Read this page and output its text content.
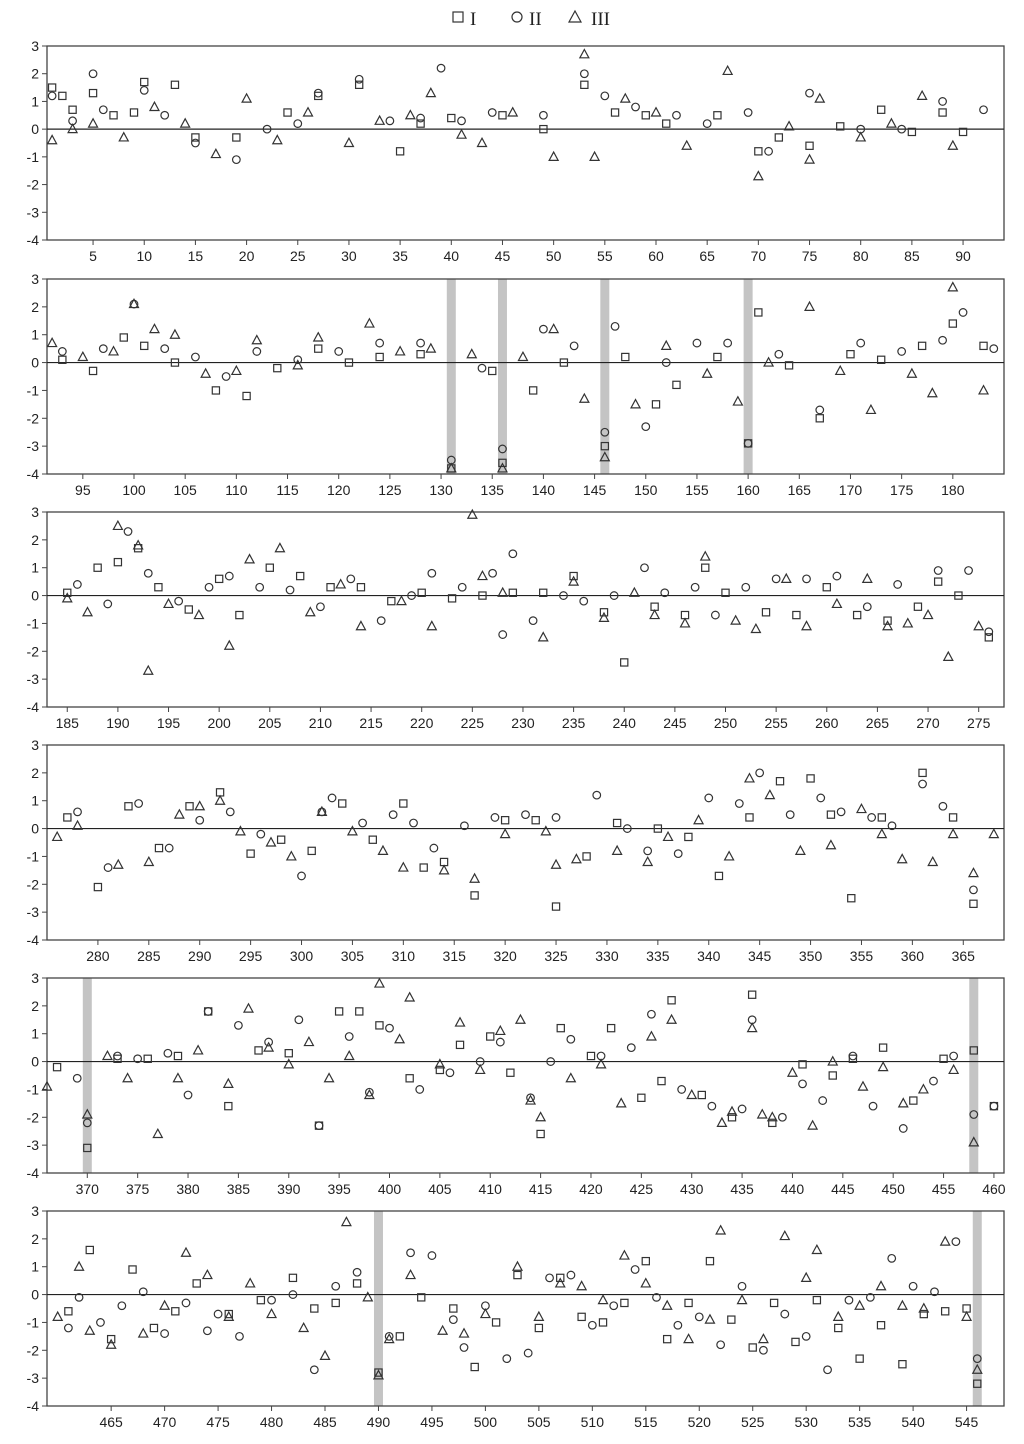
I	II	III
-4
-3
-2
-1
0
1
2
3
5	10	15	20	25	30	35	40	45	50	55	60	65	70	75	80	85	90
-4
-3
-2
-1
0
1
2
3
95 100 105 110 115 120 125 130 135 140 145 150 155 160 165 170 175 180
-4
-3
-2
-1
0
1
2
3
185 190 195 200 205 210 215 220 225 230 235 240 245 250 255 260 265 270 275
-4
-3
-2
-1
0
1
2
3
280 285 290 295 300 305 310 315 320 325 330 335 340 345 350 355 360 365
-4
-3
-2
-1
0
1
2
3
370 375 380 385 390 395 400 405 410 415 420 425 430 435 440 445 450 455 460
-4
-3
-2
-1
0
1
2
3
465 470 475 480 485 490 495 500 505 510 515 520 525 530 535 540 545
